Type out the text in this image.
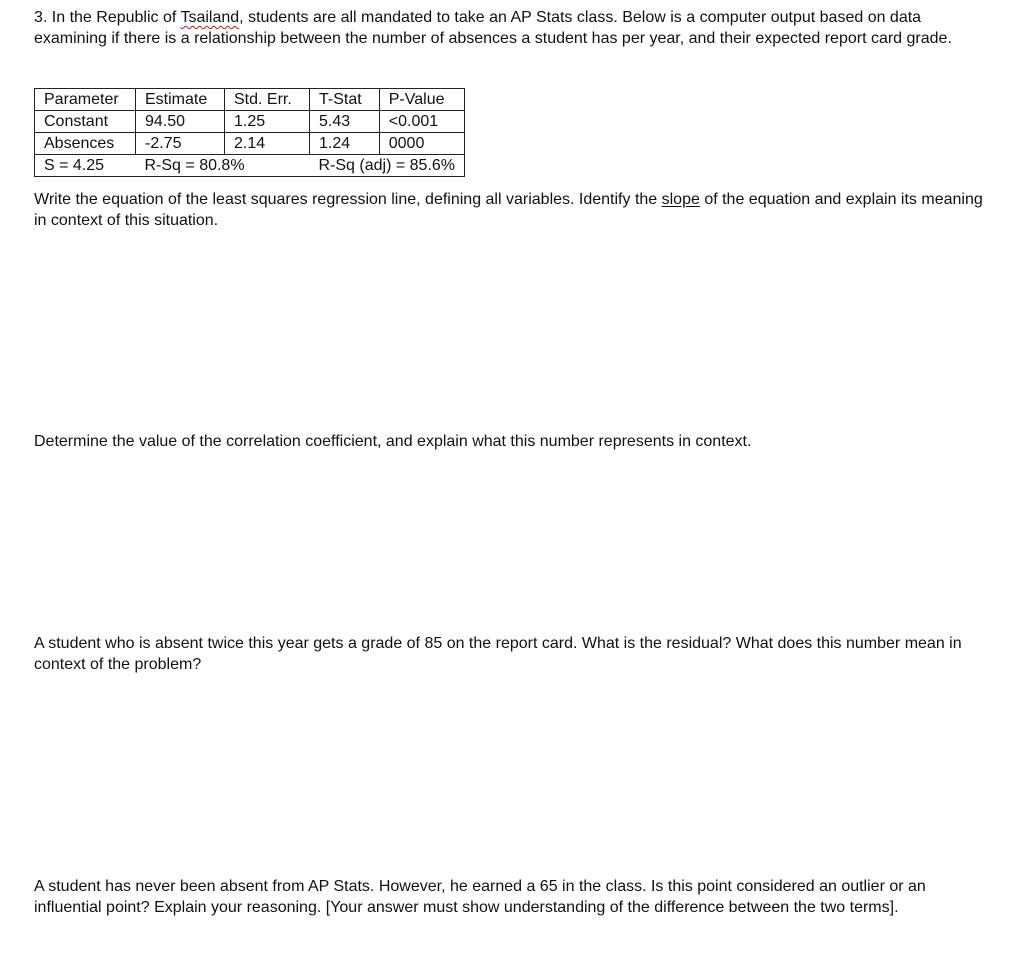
3. In the Republic of Tsailand, students are all mandated to take an AP Stats class. Below is a computer output based on data examining if there is a relationship between the number of absences a student has per year, and their expected report card grade.

Parameter	Estimate	Std. Err.	T-Stat	P-Value
Constant	94.50	1.25	5.43	<0.001
Absences	-2.75	2.14	1.24	0000
S = 4.25	R-Sq = 80.8%		R-Sq (adj) = 85.6%	

Write the equation of the least squares regression line, defining all variables. Identify the slope of the equation and explain its meaning in context of this situation.

Determine the value of the correlation coefficient, and explain what this number represents in context.

A student who is absent twice this year gets a grade of 85 on the report card. What is the residual? What does this number mean in context of the problem?

A student has never been absent from AP Stats. However, he earned a 65 in the class. Is this point considered an outlier or an influential point? Explain your reasoning. [Your answer must show understanding of the difference between the two terms].
